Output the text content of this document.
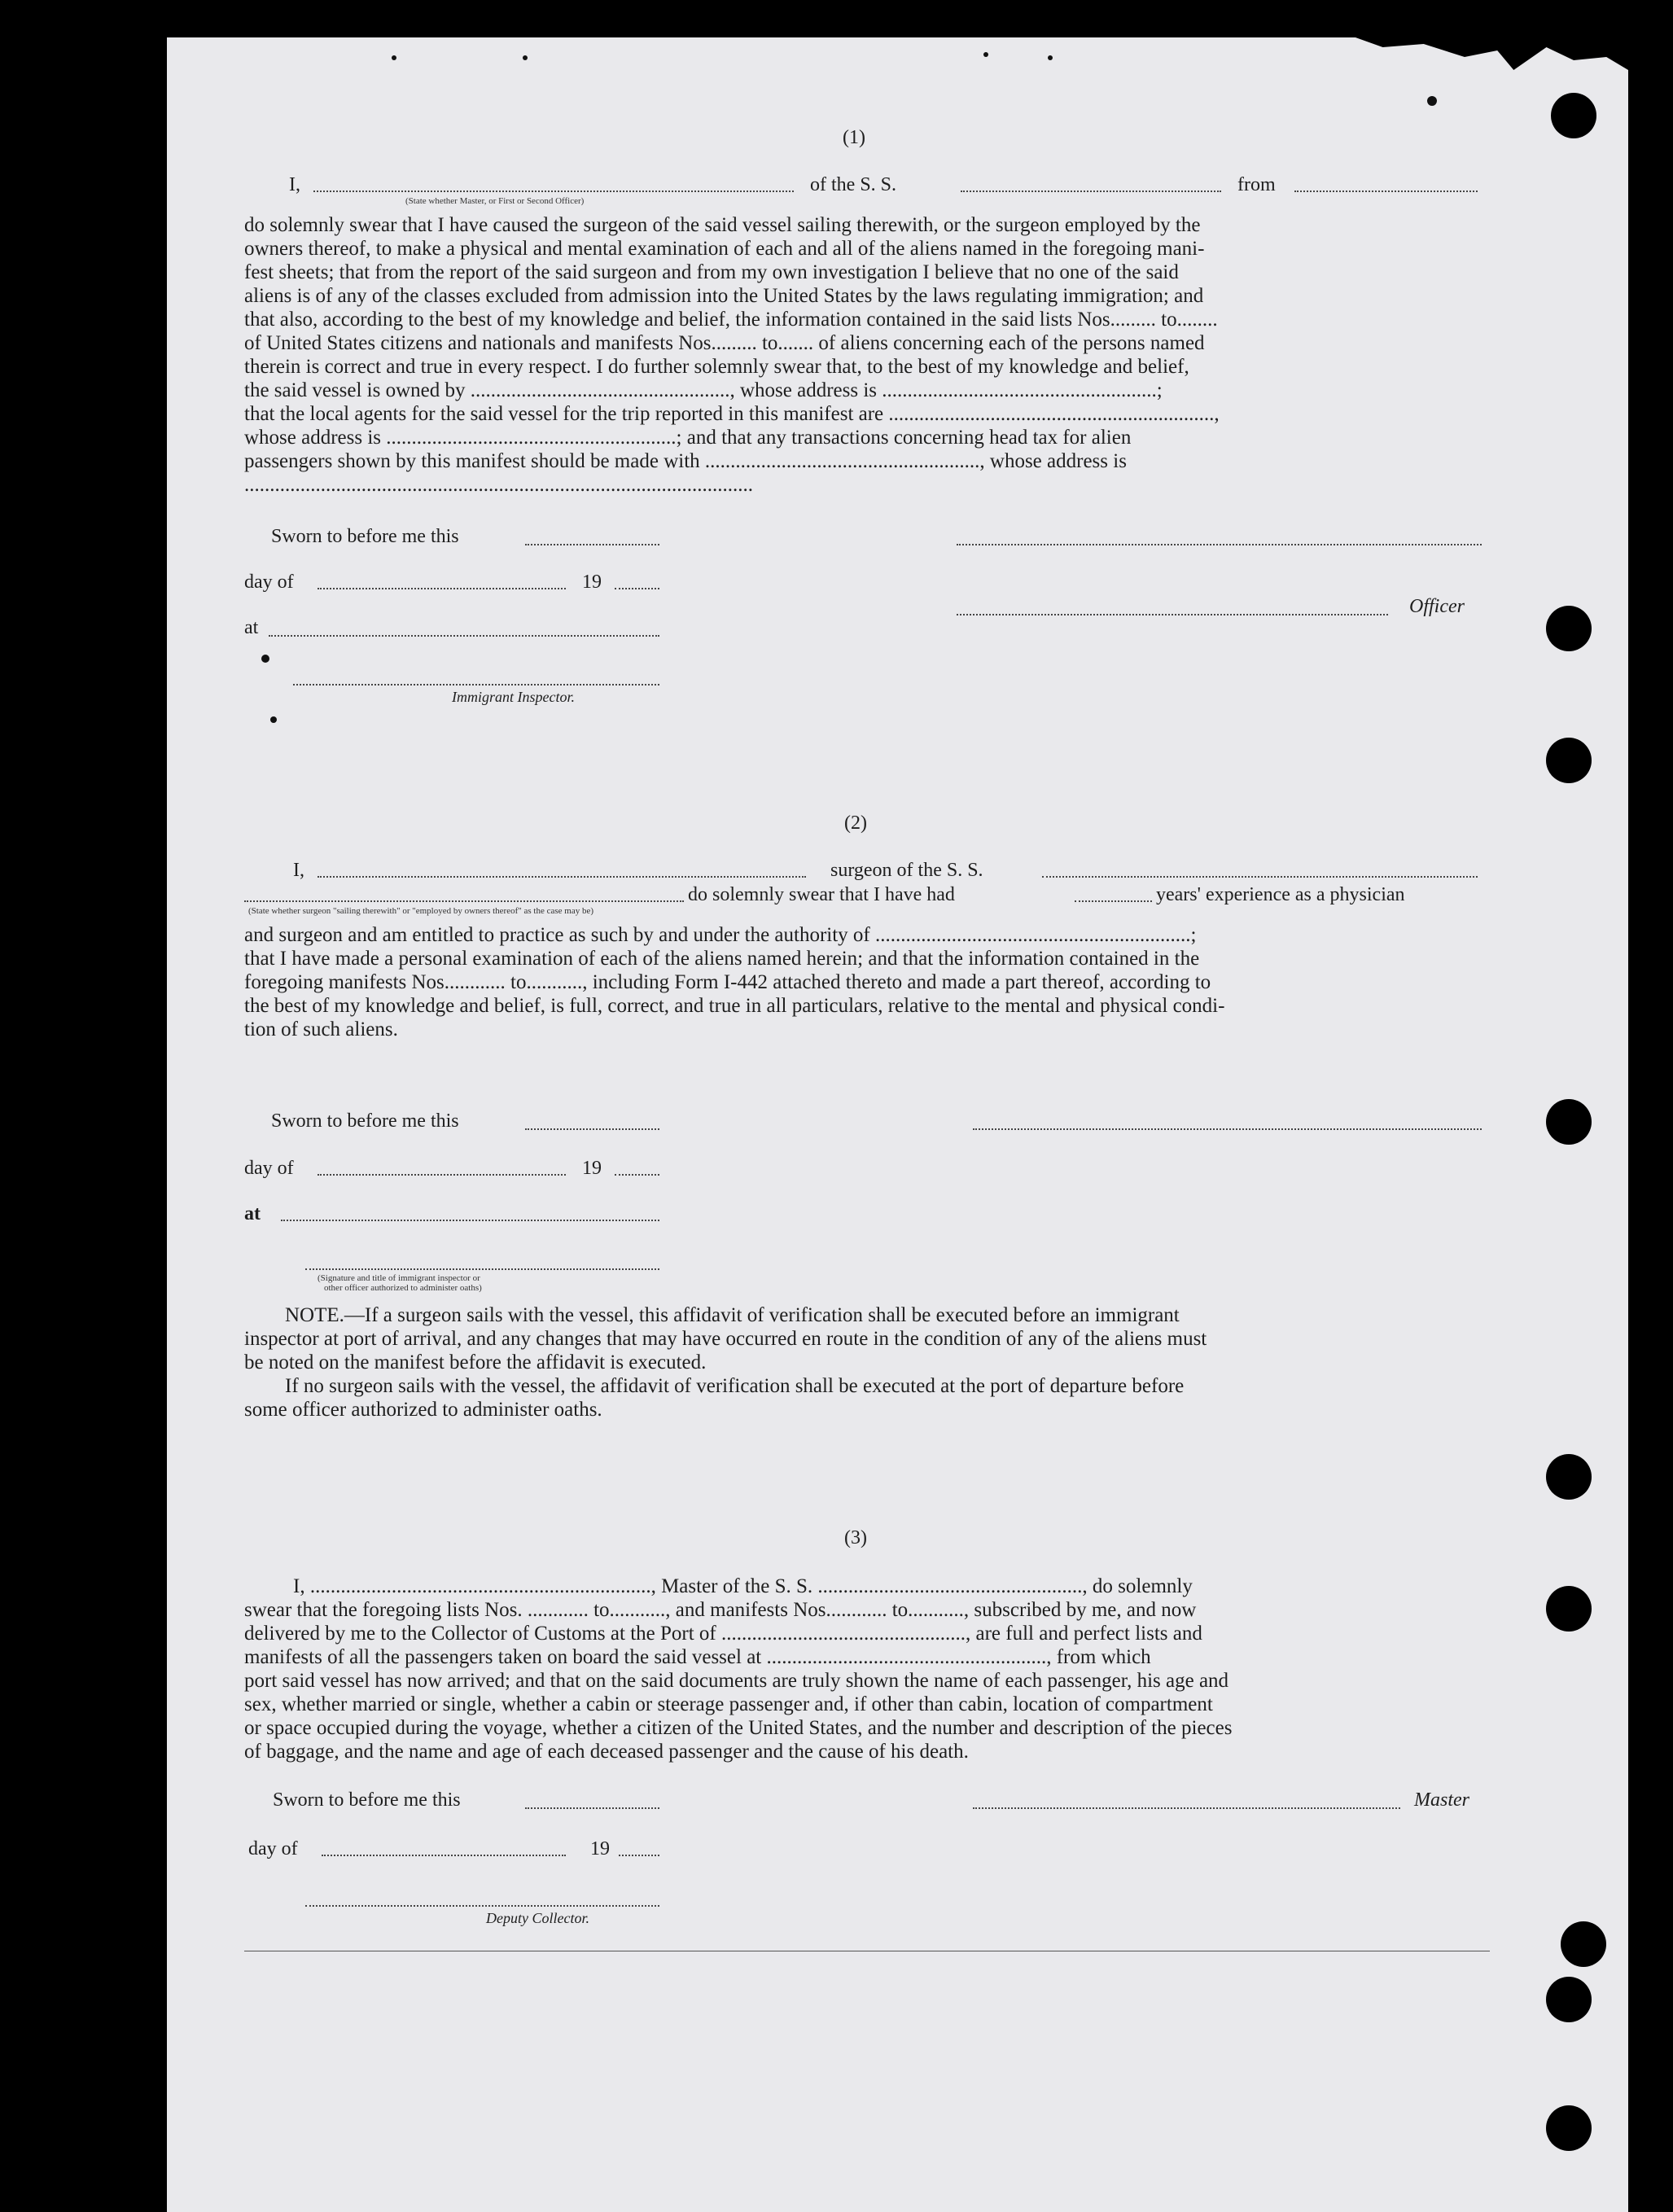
(1)
I,
(State whether Master, or First or Second Officer)
of the S. S.	from
do solemnly swear that I have caused the surgeon of the said vessel sailing therewith, or the surgeon employed by the
owners thereof, to make a physical and mental examination of each and all of the aliens named in the foregoing mani-
fest sheets; that from the report of the said surgeon and from my own investigation I believe that no one of the said
aliens is of any of the classes excluded from admission into the United States by the laws regulating immigration; and
that also, according to the best of my knowledge and belief, the information contained in the said lists Nos......... to........
of United States citizens and nationals and manifests Nos......... to....... of aliens concerning each of the persons named
therein is correct and true in every respect. I do further solemnly swear that, to the best of my knowledge and belief,
the said vessel is owned by ..................................................., whose address is ......................................................;
that the local agents for the said vessel for the trip reported in this manifest are ................................................................,
whose address is .........................................................; and that any transactions concerning head tax for alien
passengers shown by this manifest should be made with ......................................................, whose address is
....................................................................................................
Sworn to before me this
day of	19
Officer
at
Immigrant Inspector.
(2)
I,	surgeon of the S. S.
do solemnly swear that I have had	years' experience as a physician
(State whether surgeon "sailing therewith" or "employed by owners thereof" as the case may be)
and surgeon and am entitled to practice as such by and under the authority of ..............................................................;
that I have made a personal examination of each of the aliens named herein; and that the information contained in the
foregoing manifests Nos............ to..........., including Form I-442 attached thereto and made a part thereof, according to
the best of my knowledge and belief, is full, correct, and true in all particulars, relative to the mental and physical condi-
tion of such aliens.
Sworn to before me this
day of	19
at
(Signature and title of immigrant inspector or
other officer authorized to administer oaths)
NOTE.—If a surgeon sails with the vessel, this affidavit of verification shall be executed before an immigrant
inspector at port of arrival, and any changes that may have occurred en route in the condition of any of the aliens must
be noted on the manifest before the affidavit is executed.
If no surgeon sails with the vessel, the affidavit of verification shall be executed at the port of departure before
some officer authorized to administer oaths.
(3)
I, ..................................................................., Master of the S. S. ...................................................., do solemnly
swear that the foregoing lists Nos. ............ to..........., and manifests Nos............ to..........., subscribed by me, and now
delivered by me to the Collector of Customs at the Port of ................................................, are full and perfect lists and
manifests of all the passengers taken on board the said vessel at ......................................................., from which
port said vessel has now arrived; and that on the said documents are truly shown the name of each passenger, his age and
sex, whether married or single, whether a cabin or steerage passenger and, if other than cabin, location of compartment
or space occupied during the voyage, whether a citizen of the United States, and the number and description of the pieces
of baggage, and the name and age of each deceased passenger and the cause of his death.
Sworn to before me this	Master
day of	19
Deputy Collector.
